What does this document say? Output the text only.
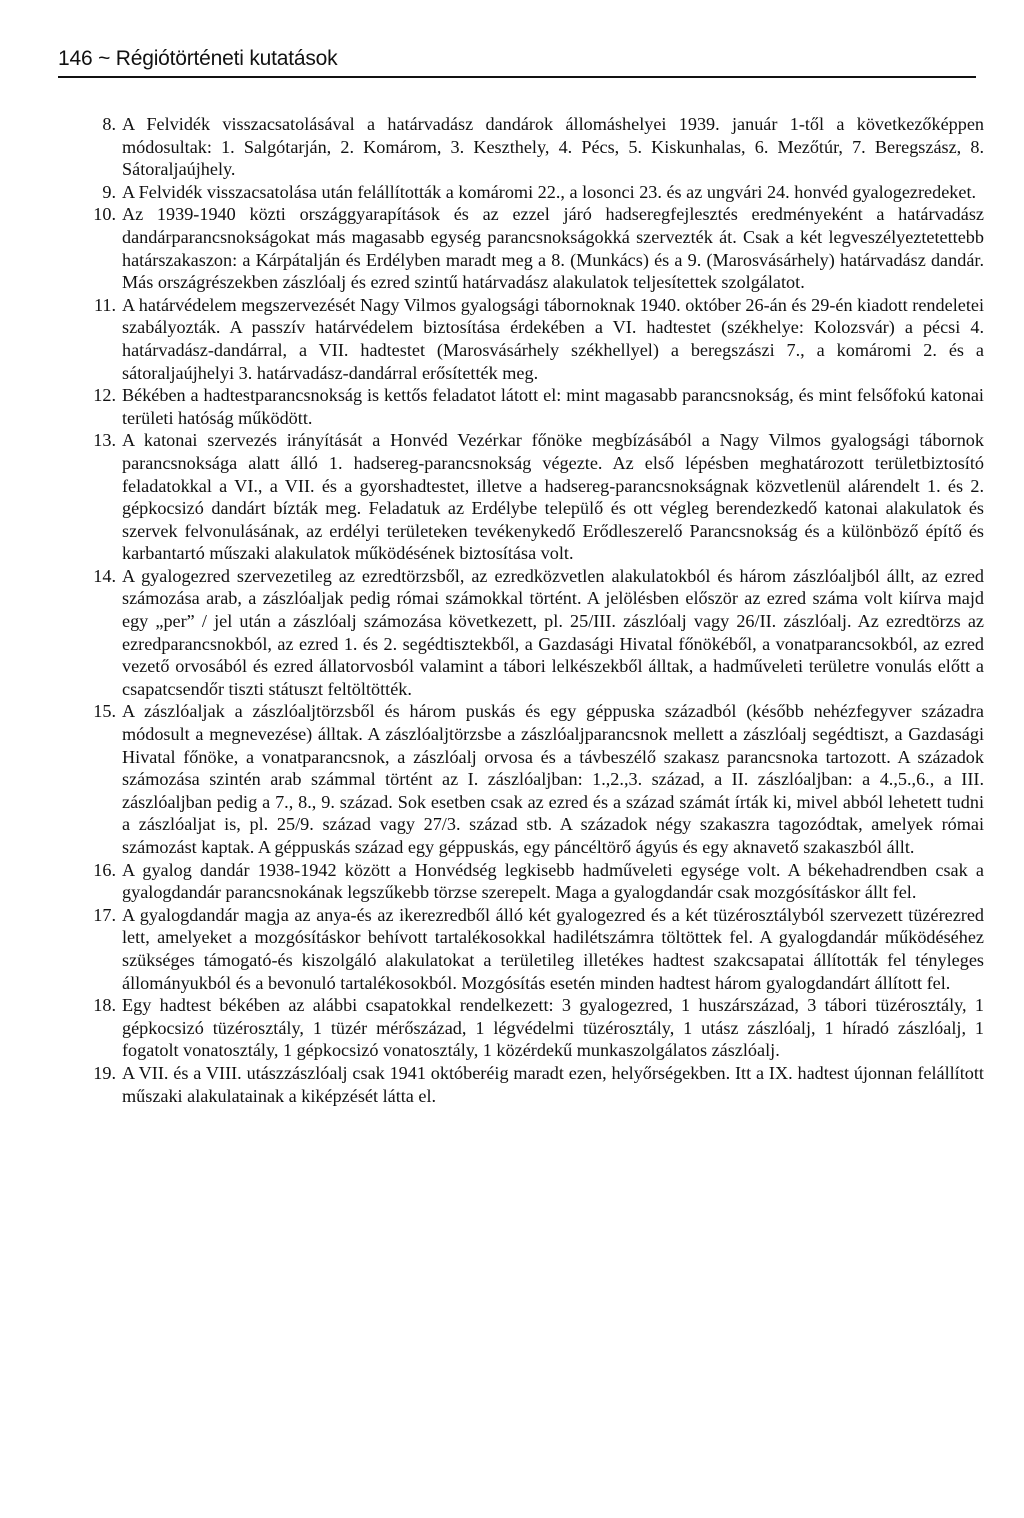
146 ~ Régiótörténeti kutatások
8. A Felvidék visszacsatolásával a határvadász dandárok állomáshelyei 1939. január 1-től a következőképpen módosultak: 1. Salgótarján, 2. Komárom, 3. Keszthely, 4. Pécs, 5. Kiskunhalas, 6. Mezőtúr, 7. Beregszász, 8. Sátoraljaújhely.
9. A Felvidék visszacsatolása után felállították a komáromi 22., a losonci 23. és az ungvári 24. honvéd gyalogezredeket.
10. Az 1939-1940 közti országgyarapítások és az ezzel járó hadseregfejlesztés eredményeként a határvadász dandárparancsnokságokat más magasabb egység parancsnokságokká szervezték át. Csak a két legveszélyeztetettebb határszakaszon: a Kárpátalján és Erdélyben maradt meg a 8. (Munkács) és a 9. (Marosvásárhely) határvadász dandár. Más országrészekben zászlóalj és ezred szintű határvadász alakulatok teljesítettek szolgálatot.
11. A határvédelem megszervezését Nagy Vilmos gyalogsági tábornoknak 1940. október 26-án és 29-én kiadott rendeletei szabályozták. A passzív határvédelem biztosítása érdekében a VI. hadtestet (székhelye: Kolozsvár) a pécsi 4. határvadász-dandárral, a VII. hadtestet (Marosvásárhely székhellyel) a beregszászi 7., a komáromi 2. és a sátoraljaújhelyi 3. határvadász-dandárral erősítették meg.
12. Békében a hadtestparancsnokság is kettős feladatot látott el: mint magasabb parancsnokság, és mint felsőfokú katonai területi hatóság működött.
13. A katonai szervezés irányítását a Honvéd Vezérkar főnöke megbízásából a Nagy Vilmos gyalogsági tábornok parancsnoksága alatt álló 1. hadsereg-parancsnokság végezte. Az első lépésben meghatározott területbiztosító feladatokkal a VI., a VII. és a gyorshadtestet, illetve a hadsereg-parancsnokságnak közvetlenül alárendelt 1. és 2. gépkocsizó dandárt bízták meg. Feladatuk az Erdélybe települő és ott végleg berendezkedő katonai alakulatok és szervek felvonulásának, az erdélyi területeken tevékenykedő Erődleszerelő Parancsnokság és a különböző építő és karbantartó műszaki alakulatok működésének biztosítása volt.
14. A gyalogezred szervezetileg az ezredtörzsből, az ezredközvetlen alakulatokból és három zászlóaljból állt, az ezred számozása arab, a zászlóaljak pedig római számokkal történt. A jelölésben először az ezred száma volt kiírva majd egy „per” / jel után a zászlóalj számozása következett, pl. 25/III. zászlóalj vagy 26/II. zászlóalj. Az ezredtörzs az ezredparancsnokból, az ezred 1. és 2. segédtisztekből, a Gazdasági Hivatal főnökéből, a vonatparancsokból, az ezred vezető orvosából és ezred állatorvosból valamint a tábori lelkészekből álltak, a hadműveleti területre vonulás előtt a csapatcsendőr tiszti státuszt feltöltötték.
15. A zászlóaljak a zászlóaljtörzsből és három puskás és egy géppuska századból (később nehézfegyver századra módosult a megnevezése) álltak. A zászlóaljtörzsbe a zászlóaljparancsnok mellett a zászlóalj segédtiszt, a Gazdasági Hivatal főnöke, a vonatparancsnok, a zászlóalj orvosa és a távbeszélő szakasz parancsnoka tartozott. A századok számozása szintén arab számmal történt az I. zászlóaljban: 1.,2.,3. század, a II. zászlóaljban: a 4.,5.,6., a III. zászlóaljban pedig a 7., 8., 9. század. Sok esetben csak az ezred és a század számát írták ki, mivel abból lehetett tudni a zászlóaljat is, pl. 25/9. század vagy 27/3. század stb. A századok négy szakaszra tagozódtak, amelyek római számozást kaptak. A géppuskás század egy géppuskás, egy páncéltörő ágyús és egy aknavető szakaszból állt.
16. A gyalog dandár 1938-1942 között a Honvédség legkisebb hadműveleti egysége volt. A békehadrendben csak a gyalogdandár parancsnokának legszűkebb törzse szerepelt. Maga a gyalogdandár csak mozgósításkor állt fel.
17. A gyalogdandár magja az anya-és az ikerezredből álló két gyalogezred és a két tüzérosztályból szervezett tüzérezred lett, amelyeket a mozgósításkor behívott tartalékosokkal hadilétszámra töltöttek fel. A gyalogdandár működéséhez szükséges támogató-és kiszolgáló alakulatokat a területileg illetékes hadtest szakcsapatai állították fel tényleges állományukból és a bevonuló tartalékosokból. Mozgósítás esetén minden hadtest három gyalogdandárt állított fel.
18. Egy hadtest békében az alábbi csapatokkal rendelkezett: 3 gyalogezred, 1 huszárszázad, 3 tábori tüzérosztály, 1 gépkocsizó tüzérosztály, 1 tüzér mérőszázad, 1 légvédelmi tüzérosztály, 1 utász zászlóalj, 1 híradó zászlóalj, 1 fogatolt vonatosztály, 1 gépkocsizó vonatosztály, 1 közérdekű munkaszolgálatos zászlóalj.
19. A VII. és a VIII. utászzászlóalj csak 1941 októberéig maradt ezen, helyőrségekben. Itt a IX. hadtest újonnan felállított műszaki alakulatainak a kiképzését látta el.
